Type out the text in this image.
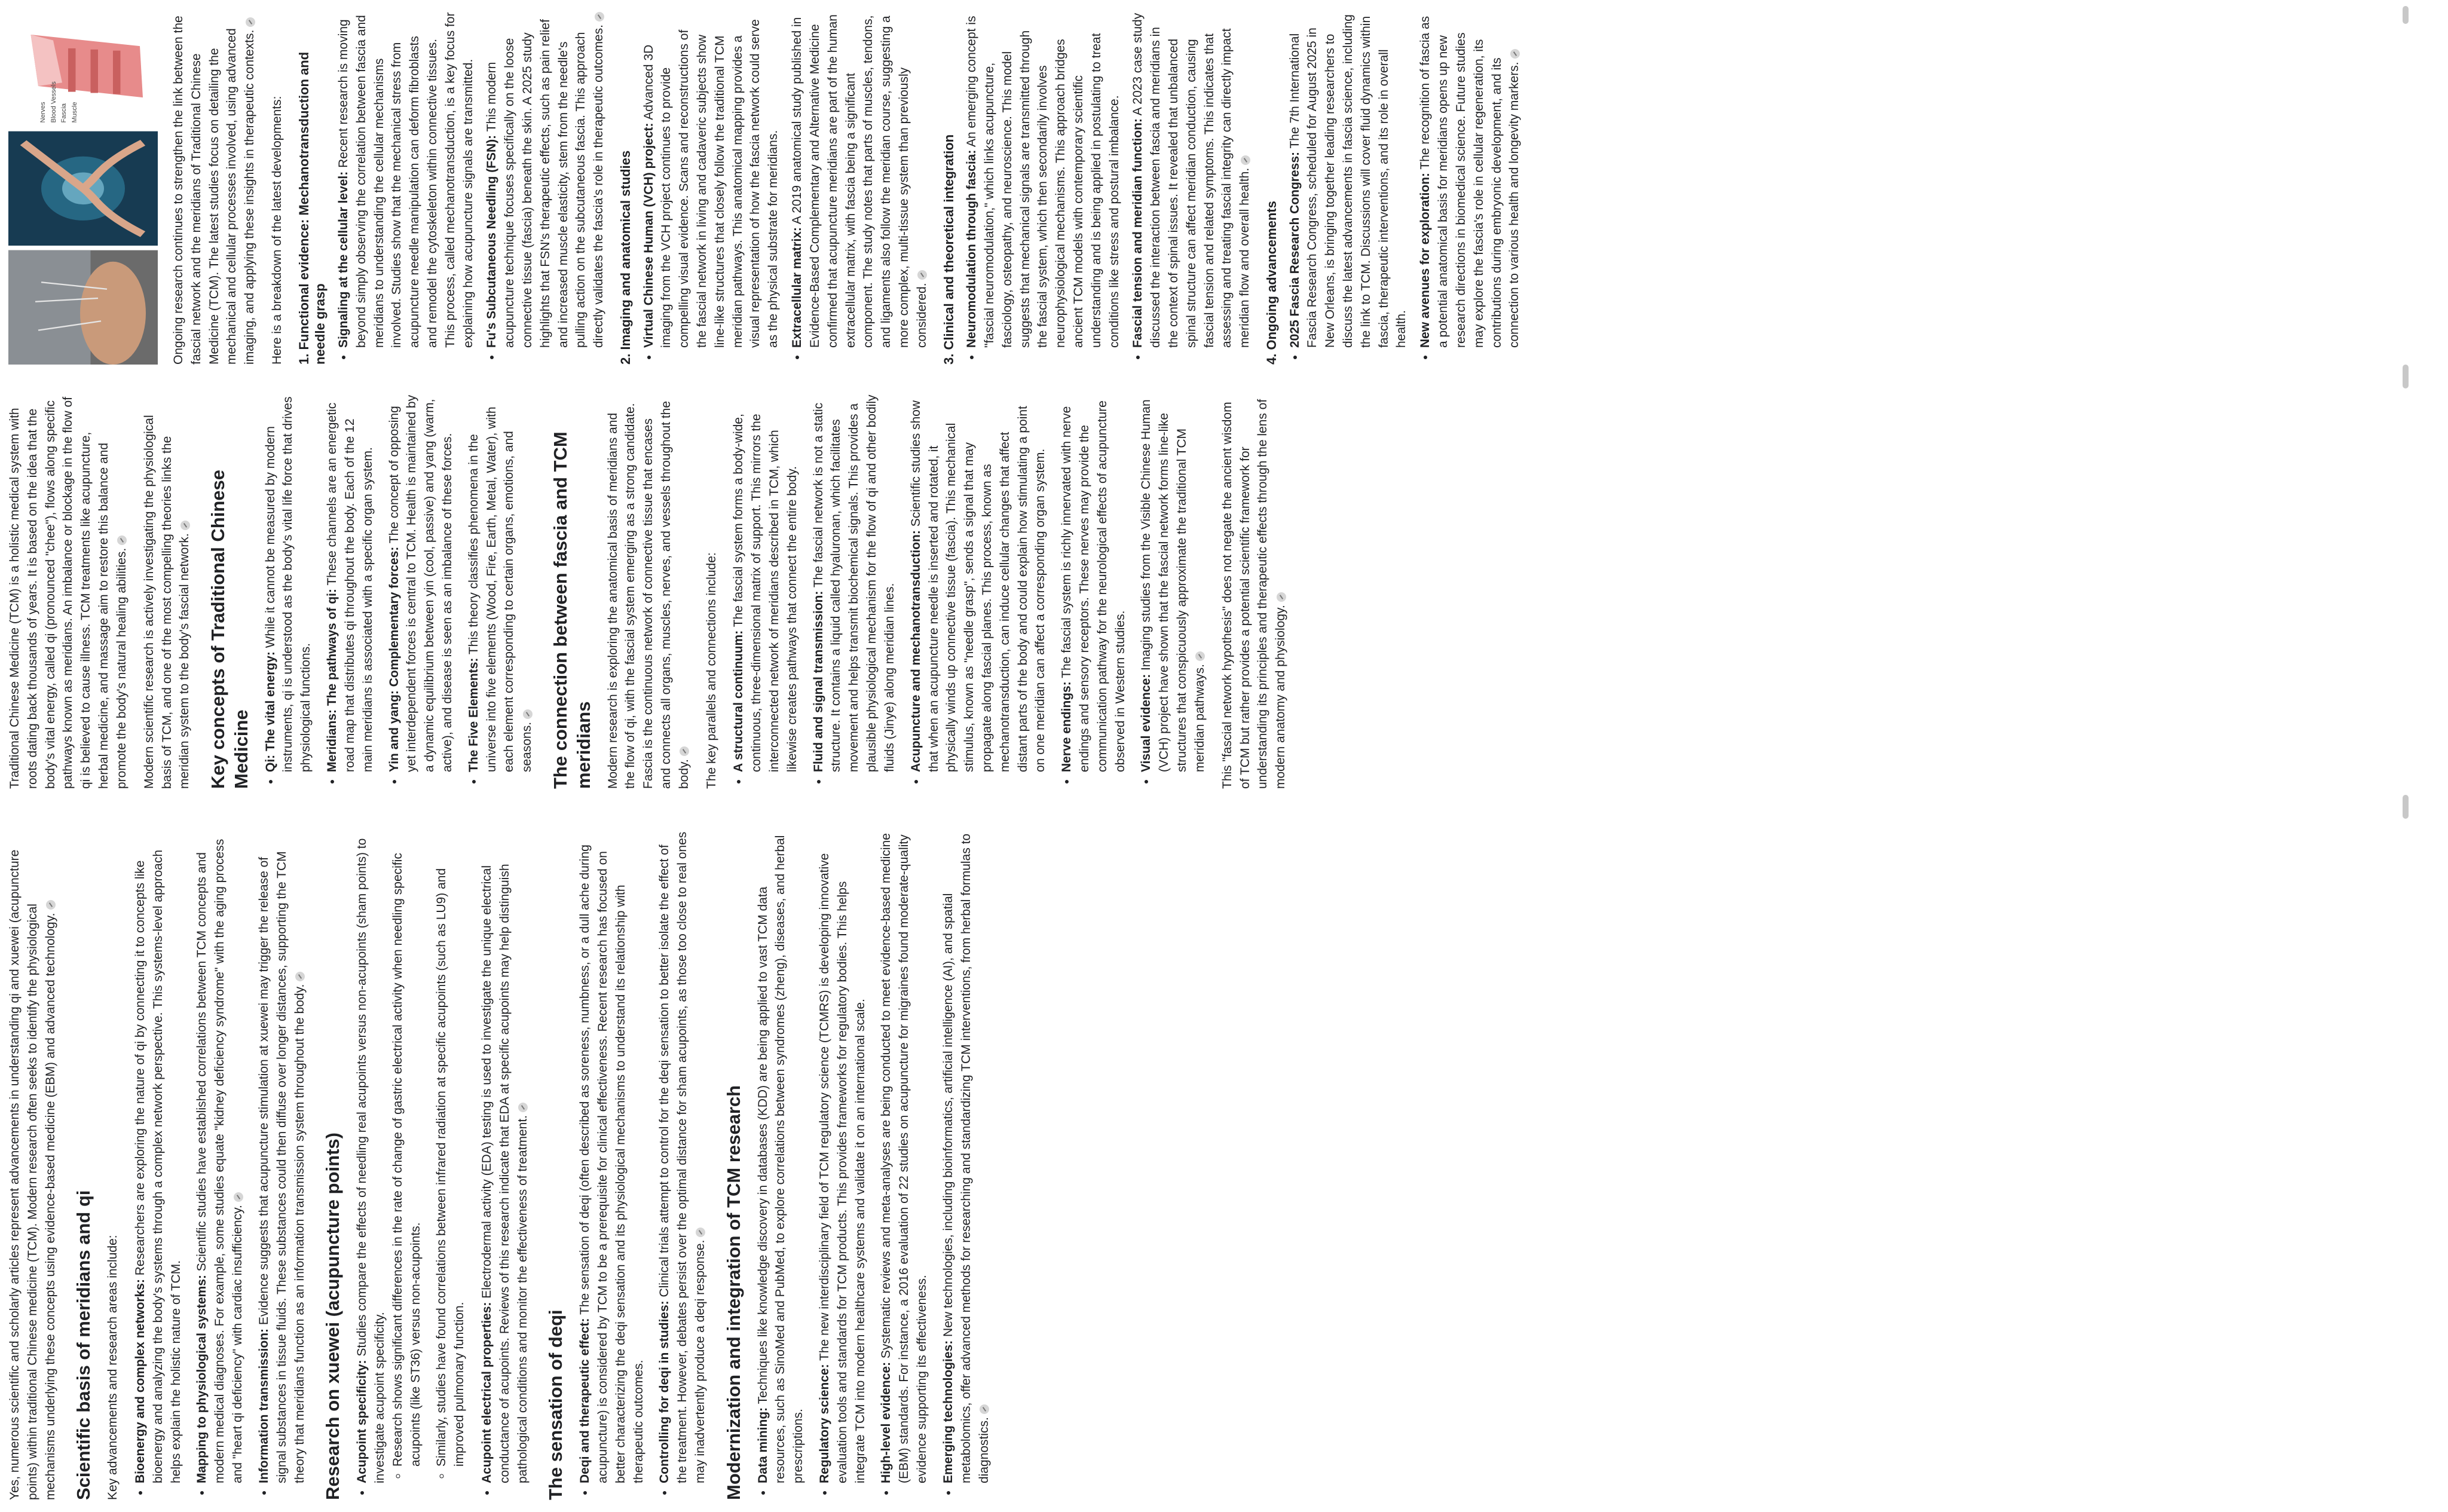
Yes, numerous scientific and scholarly articles represent advancements in understanding qi and xuewei (acupuncture points) within traditional Chinese medicine (TCM). Modern research often seeks to identify the physiological mechanisms underlying these concepts using evidence-based medicine (EBM) and advanced technology. Scientific basis of meridians and qi Key advancements and research areas include: • Bioenergy and complex networks: Researchers are exploring the nature of qi by connecting it to concepts like bioenergy and analyzing the body's systems through a complex network perspective. This systems-level approach helps explain the holistic nature of TCM. • Mapping to physiological systems: Scientific studies have established correlations between TCM concepts and modern medical diagnoses. For example, some studies equate "kidney deficiency syndrome" with the aging process and "heart qi deficiency" with cardiac insufficiency. • Information transmission: Evidence suggests that acupuncture stimulation at xuewei may trigger the release of signal substances in tissue fluids. These substances could then diffuse over longer distances, supporting the TCM theory that meridians function as an information transmission system throughout the body. Research on xuewei (acupuncture points) • Acupoint specificity: Studies compare the effects of needling real acupoints versus non-acupoints (sham points) to investigate acupoint specificity. ◦ Research shows significant differences in the rate of change of gastric electrical activity when needling specific acupoints (like ST36) versus non-acupoints. ◦ Similarly, studies have found correlations between infrared radiation at specific acupoints (such as LU9) and improved pulmonary function. • Acupoint electrical properties: Electrodermal activity (EDA) testing is used to investigate the unique electrical conductance of acupoints. Reviews of this research indicate that EDA at specific acupoints may help distinguish pathological conditions and monitor the effectiveness of treatment. The sensation of deqi • Deqi and therapeutic effect: The sensation of deqi (often described as soreness, numbness, or a dull ache during acupuncture) is considered by TCM to be a prerequisite for clinical effectiveness. Recent research has focused on better characterizing the deqi sensation and its physiological mechanisms to understand its relationship with therapeutic outcomes. • Controlling for deqi in studies: Clinical trials attempt to control for the deqi sensation to better isolate the effect of the treatment. However, debates persist over the optimal distance for sham acupoints, as those too close to real ones may inadvertently produce a deqi response. Modernization and integration of TCM research • Data mining: Techniques like knowledge discovery in databases (KDD) are being applied to vast TCM data resources, such as SinoMed and PubMed, to explore correlations between syndromes (zheng), diseases, and herbal prescriptions. • Regulatory science: The new interdisciplinary field of TCM regulatory science (TCMRS) is developing innovative evaluation tools and standards for TCM products. This provides frameworks for regulatory bodies. This helps integrate TCM into modern healthcare systems and validate it on an international scale. • High-level evidence: Systematic reviews and meta-analyses are being conducted to meet evidence-based medicine (EBM) standards. For instance, a 2016 evaluation of 22 studies on acupuncture for migraines found moderate-quality evidence supporting its effectiveness. • Emerging technologies: New technologies, including bioinformatics, artificial intelligence (AI), and spatial metabolomics, offer advanced methods for researching and standardizing TCM interventions, from herbal formulas to diagnostics.

Traditional Chinese Medicine (TCM) is a holistic medical system with roots dating back thousands of years. It is based on the idea that the body's vital energy, called qi (pronounced "chee"), flows along specific pathways known as meridians. An imbalance or blockage in the flow of qi is believed to cause illness. TCM treatments like acupuncture, herbal medicine, and massage aim to restore this balance and promote the body's natural healing abilities. Modern scientific research is actively investigating the physiological basis of TCM, and one of the most compelling theories links the meridian system to the body's fascial network. Key concepts of Traditional Chinese Medicine • Qi: The vital energy: While it cannot be measured by modern instruments, qi is understood as the body's vital life force that drives physiological functions. • Meridians: The pathways of qi: These channels are an energetic road map that distributes qi throughout the body. Each of the 12 main meridians is associated with a specific organ system. • Yin and yang: Complementary forces: The concept of opposing yet interdependent forces is central to TCM. Health is maintained by a dynamic equilibrium between yin (cool, passive) and yang (warm, active), and disease is seen as an imbalance of these forces. • The Five Elements: This theory classifies phenomena in the universe into five elements (Wood, Fire, Earth, Metal, Water), with each element corresponding to certain organs, emotions, and seasons. The connection between fascia and TCM meridians Modern research is exploring the anatomical basis of meridians and the flow of qi, with the fascial system emerging as a strong candidate. Fascia is the continuous network of connective tissue that encases and connects all organs, muscles, nerves, and vessels throughout the body. The key parallels and connections include: • A structural continuum: The fascial system forms a body-wide, continuous, three-dimensional matrix of support. This mirrors the interconnected network of meridians described in TCM, which likewise creates pathways that connect the entire body. • Fluid and signal transmission: The fascial network is not a static structure. It contains a liquid called hyaluronan, which facilitates movement and helps transmit biochemical signals. This provides a plausible physiological mechanism for the flow of qi and other bodily fluids (Jinye) along meridian lines. • Acupuncture and mechanotransduction: Scientific studies show that when an acupuncture needle is inserted and rotated, it physically winds up connective tissue (fascia). This mechanical stimulus, known as "needle grasp", sends a signal that may propagate along fascial planes. This process, known as mechanotransduction, can induce cellular changes that affect distant parts of the body and could explain how stimulating a point on one meridian can affect a corresponding organ system. • Nerve endings: The fascial system is richly innervated with nerve endings and sensory receptors. These nerves may provide the communication pathway for the neurological effects of acupuncture observed in Western studies. • Visual evidence: Imaging studies from the Visible Chinese Human (VCH) project have shown that the fascial network forms line-like structures that conspicuously approximate the traditional TCM meridian pathways. This "fascial network hypothesis" does not negate the ancient wisdom of TCM but rather provides a potential scientific framework for understanding its principles and therapeutic effects through the lens of modern anatomy and physiology.

Nerves Blood Vessels Fascia Muscle	Ongoing research continues to strengthen the link between the fascial network and the meridians of Traditional Chinese Medicine (TCM). The latest studies focus on detailing the mechanical and cellular processes involved, using advanced imaging, and applying these insights in therapeutic contexts. Here is a breakdown of the latest developments: 1. Functional evidence: Mechanotransduction and needle grasp • Signaling at the cellular level: Recent research is moving beyond simply observing the correlation between fascia and meridians to understanding the cellular mechanisms involved. Studies show that the mechanical stress from acupuncture needle manipulation can deform fibroblasts and remodel the cytoskeleton within connective tissues. This process, called mechanotransduction, is a key focus for explaining how acupuncture signals are transmitted. • Fu's Subcutaneous Needling (FSN): This modern acupuncture technique focuses specifically on the loose connective tissue (fascia) beneath the skin. A 2025 study highlights that FSN's therapeutic effects, such as pain relief and increased muscle elasticity, stem from the needle's pulling action on the subcutaneous fascia. This approach directly validates the fascia's role in therapeutic outcomes. 2. Imaging and anatomical studies • Virtual Chinese Human (VCH) project: Advanced 3D imaging from the VCH project continues to provide compelling visual evidence. Scans and reconstructions of the fascial network in living and cadaveric subjects show line-like structures that closely follow the traditional TCM meridian pathways. This anatomical mapping provides a visual representation of how the fascia network could serve as the physical substrate for meridians. • Extracellular matrix: A 2019 anatomical study published in Evidence-Based Complementary and Alternative Medicine confirmed that acupuncture meridians are part of the human extracellular matrix, with fascia being a significant component. The study notes that parts of muscles, tendons, and ligaments also follow the meridian course, suggesting a more complex, multi-tissue system than previously considered. 3. Clinical and theoretical integration • Neuromodulation through fascia: An emerging concept is "fascial neuromodulation," which links acupuncture, fasciology, osteopathy, and neuroscience. This model suggests that mechanical signals are transmitted through the fascial system, which then secondarily involves neurophysiological mechanisms. This approach bridges ancient TCM models with contemporary scientific understanding and is being applied in postulating to treat conditions like stress and postural imbalance. • Fascial tension and meridian function: A 2023 case study discussed the interaction between fascia and meridians in the context of spinal issues. It revealed that unbalanced spinal structure can affect meridian conduction, causing fascial tension and related symptoms. This indicates that assessing and treating fascial integrity can directly impact meridian flow and overall health. 4. Ongoing advancements • 2025 Fascia Research Congress: The 7th International Fascia Research Congress, scheduled for August 2025 in New Orleans, is bringing together leading researchers to discuss the latest advancements in fascia science, including the link to TCM. Discussions will cover fluid dynamics within fascia, therapeutic interventions, and its role in overall health. • New avenues for exploration: The recognition of fascia as a potential anatomical basis for meridians opens up new research directions in biomedical science. Future studies may explore the fascia's role in cellular regeneration, its contributions during embryonic development, and its connection to various health and longevity markers.
